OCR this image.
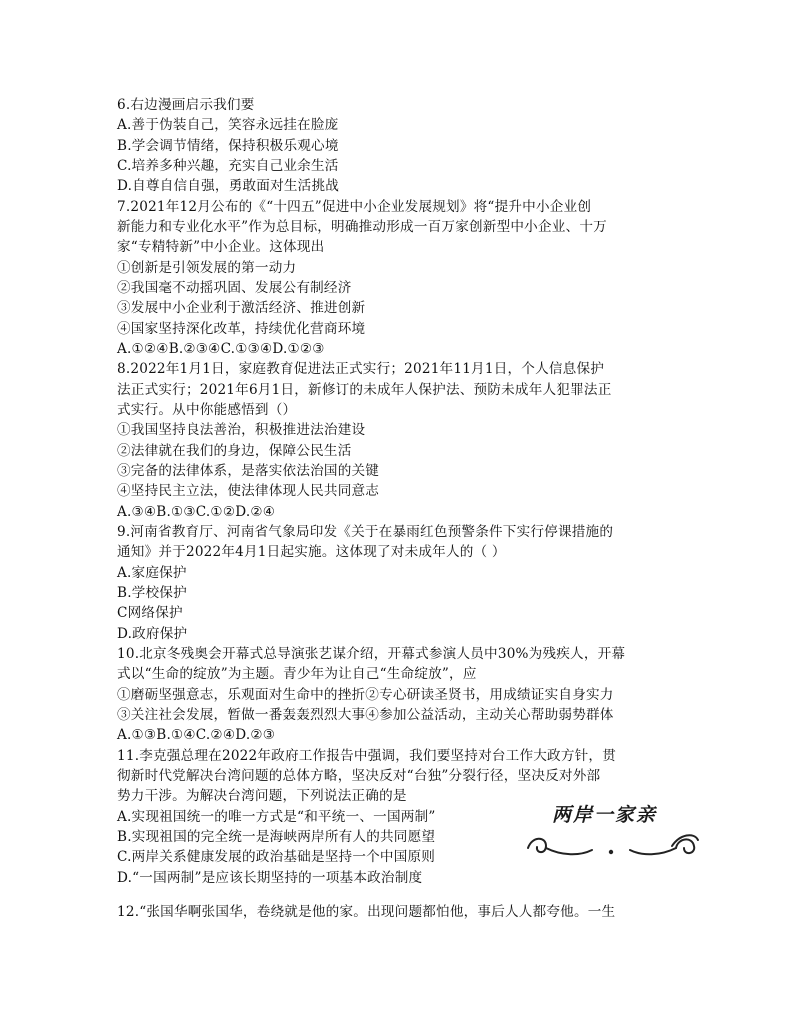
6.右边漫画启示我们要
A.善于伪装自己，笑容永远挂在脸庞
B.学会调节情绪，保持积极乐观心境
C.培养多种兴趣，充实自己业余生活
D.自尊自信自强，勇敢面对生活挑战
7.2021年12月公布的《“十四五”促进中小企业发展规划》将“提升中小企业创
新能力和专业化水平”作为总目标，明确推动形成一百万家创新型中小企业、十万
家“专精特新”中小企业。这体现出
①创新是引领发展的第一动力
②我国毫不动摇巩固、发展公有制经济
③发展中小企业利于激活经济、推进创新
④国家坚持深化改革，持续优化营商环境
A.①②④B.②③④C.①③④D.①②③
8.2022年1月1日，家庭教育促进法正式实行；2021年11月1日，个人信息保护
法正式实行；2021年6月1日，新修订的未成年人保护法、预防未成年人犯罪法正
式实行。从中你能感悟到（）
①我国坚持良法善治，积极推进法治建设
②法律就在我们的身边，保障公民生活
③完备的法律体系，是落实依法治国的关键
④坚持民主立法，使法律体现人民共同意志
A.③④B.①③C.①②D.②④
9.河南省教育厅、河南省气象局印发《关于在暴雨红色预警条件下实行停课措施的
通知》并于2022年4月1日起实施。这体现了对未成年人的（ ）
A.家庭保护
B.学校保护
C网络保护
D.政府保护
10.北京冬残奥会开幕式总导演张艺谋介绍，开幕式参演人员中30%为残疾人，开幕
式以“生命的绽放”为主题。青少年为让自己“生命绽放”，应
①磨砺坚强意志，乐观面对生命中的挫折②专心研读圣贤书，用成绩证实自身实力
③关注社会发展，暂做一番轰轰烈烈大事④参加公益活动，主动关心帮助弱势群体
A.①③B.①④C.②④D.②③
11.李克强总理在2022年政府工作报告中强调，我们要坚持对台工作大政方针，贯
彻新时代党解决台湾问题的总体方略，坚决反对“台独”分裂行径，坚决反对外部
势力干涉。为解决台湾问题，下列说法正确的是
A.实现祖国统一的唯一方式是“和平统一、一国两制”
B.实现祖国的完全统一是海峡两岸所有人的共同愿望
C.两岸关系健康发展的政治基础是坚持一个中国原则
D.“一国两制”是应该长期坚持的一项基本政治制度
12.“张国华啊张国华，卷绕就是他的家。出现问题都怕他，事后人人都夸他。一生
两岸一家亲
